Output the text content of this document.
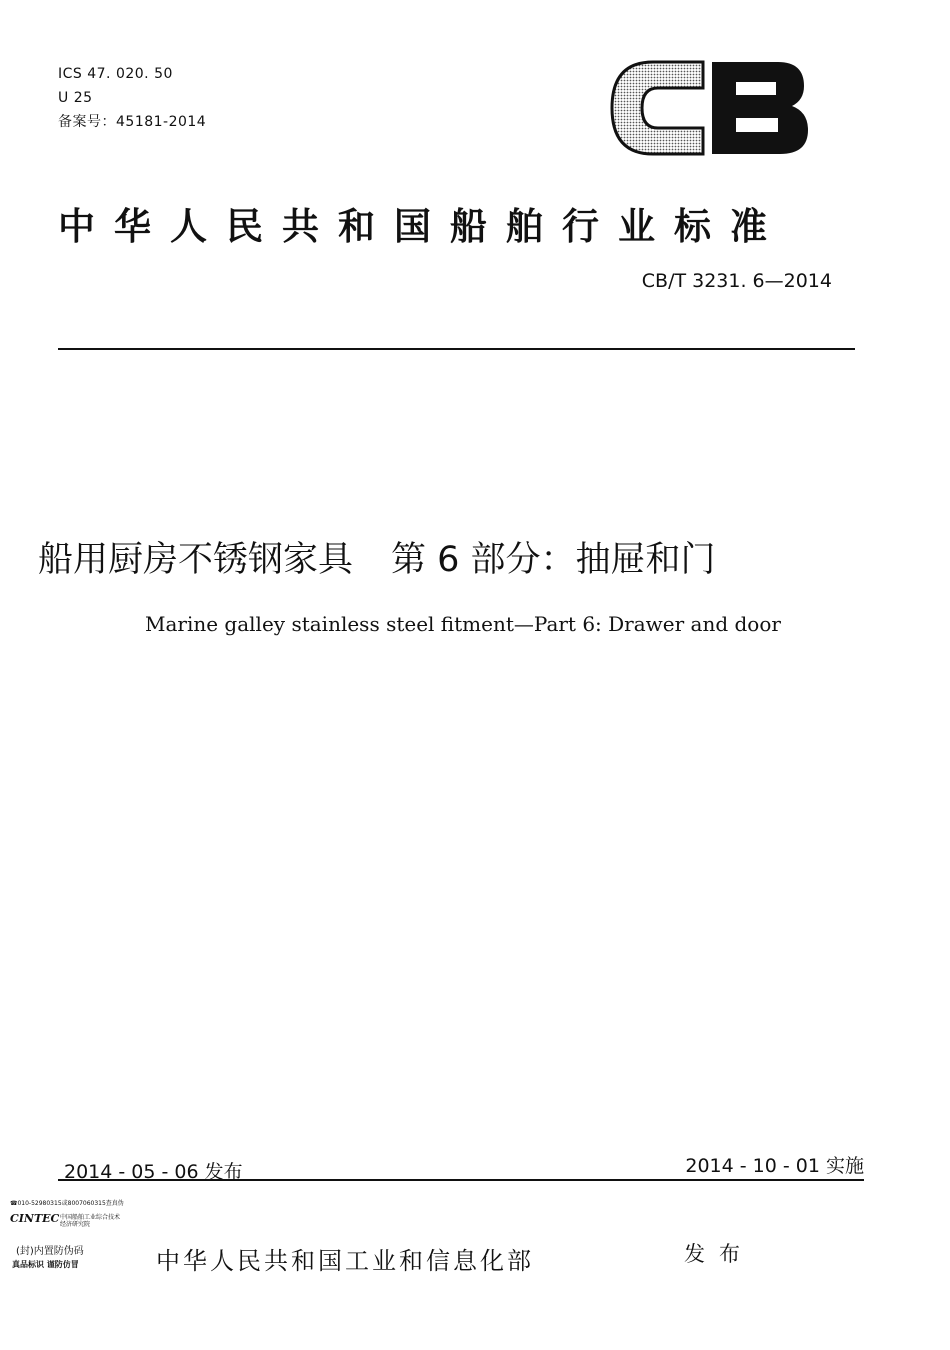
ICS 47. 020. 50
U 25
备案号：45181-2014
中华人民共和国船舶行业标准
CB/T 3231. 6—2014
船用厨房不锈钢家具 第 6 部分：抽屉和门
Marine galley stainless steel fitment—Part 6: Drawer and door
2014 - 05 - 06 发布	2014 - 10 - 01 实施
☎010-52980315或8007060315查真伪
CINTEC 中国船舶工业综合技术经济研究院
(封)内置防伪码
真品标识 谨防仿冒	中华人民共和国工业和信息化部	发布
